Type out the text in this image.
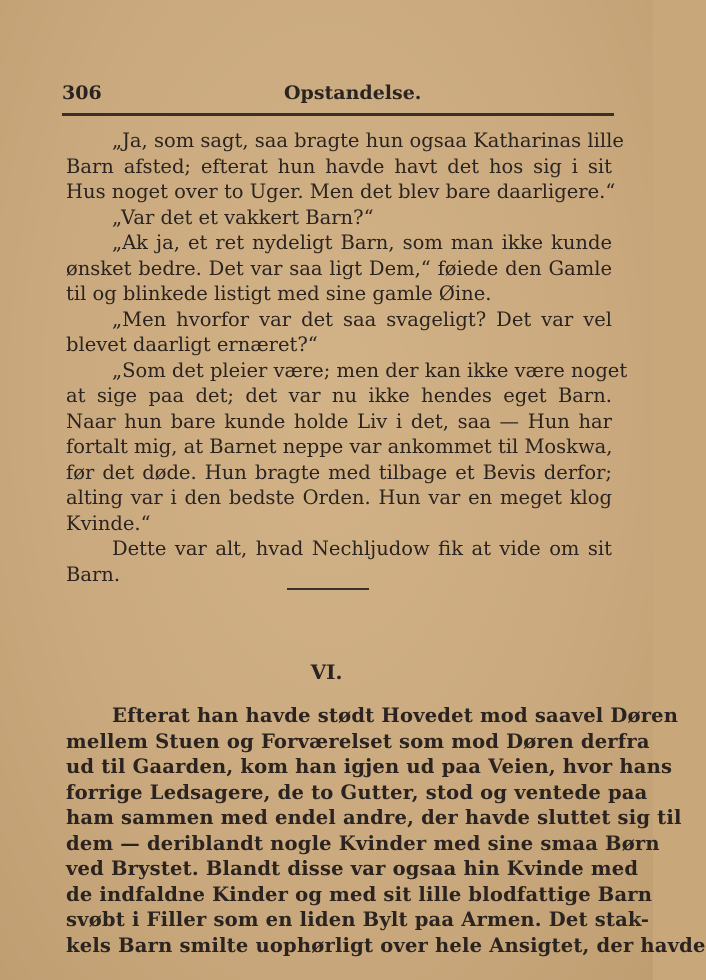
306	Opstandelse.
„Ja, som sagt, saa bragte hun ogsaa Katharinas lille
Barn afsted; efterat hun havde havt det hos sig i sit
Hus noget over to Uger. Men det blev bare daarligere.“
„Var det et vakkert Barn?“
„Ak ja, et ret nydeligt Barn, som man ikke kunde
ønsket bedre. Det var saa ligt Dem,“ føiede den Gamle
til og blinkede listigt med sine gamle Øine.
„Men hvorfor var det saa svageligt? Det var vel
blevet daarligt ernæret?“
„Som det pleier være; men der kan ikke være noget
at sige paa det; det var nu ikke hendes eget Barn.
Naar hun bare kunde holde Liv i det, saa — Hun har
fortalt mig, at Barnet neppe var ankommet til Moskwa,
før det døde. Hun bragte med tilbage et Bevis derfor;
alting var i den bedste Orden. Hun var en meget klog
Kvinde.“
Dette var alt, hvad Nechljudow fik at vide om sit
Barn.
VI.
Efterat han havde stødt Hovedet mod saavel Døren
mellem Stuen og Forværelset som mod Døren derfra
ud til Gaarden, kom han igjen ud paa Veien, hvor hans
forrige Ledsagere, de to Gutter, stod og ventede paa
ham sammen med endel andre, der havde sluttet sig til
dem — deriblandt nogle Kvinder med sine smaa Børn
ved Brystet. Blandt disse var ogsaa hin Kvinde med
de indfaldne Kinder og med sit lille blodfattige Barn
svøbt i Filler som en liden Bylt paa Armen. Det stak-
kels Barn smilte uophørligt over hele Ansigtet, der havde
